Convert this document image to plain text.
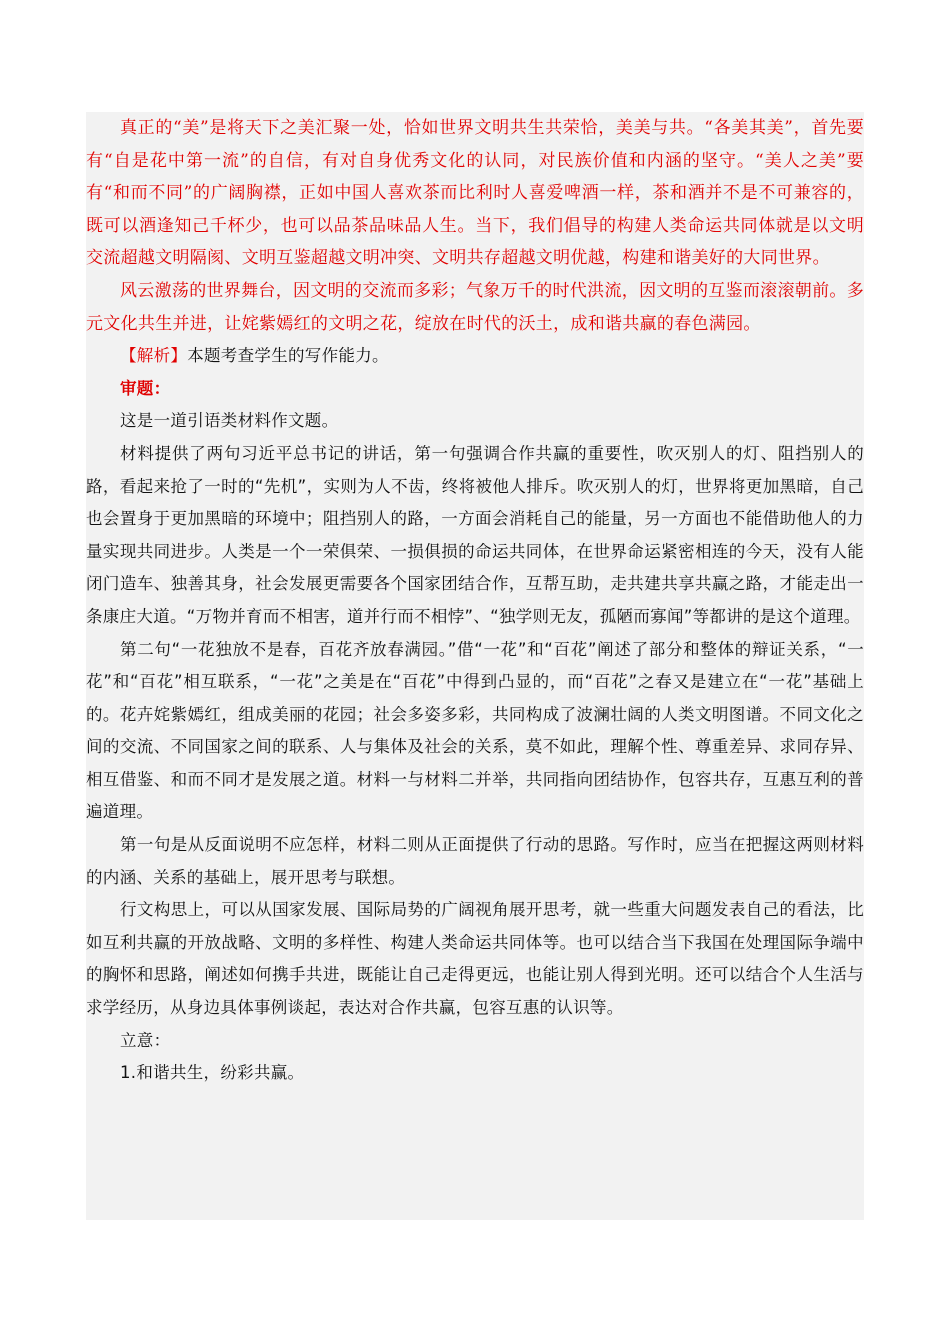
真正的“美”是将天下之美汇聚一处，恰如世界文明共生共荣恰，美美与共。“各美其美”，首先要有“自是花中第一流”的自信，有对自身优秀文化的认同，对民族价值和内涵的坚守。“美人之美”要有“和而不同”的广阔胸襟，正如中国人喜欢茶而比利时人喜爱啤酒一样，茶和酒并不是不可兼容的，既可以酒逢知己千杯少，也可以品茶品味品人生。当下，我们倡导的构建人类命运共同体就是以文明交流超越文明隔阂、文明互鉴超越文明冲突、文明共存超越文明优越，构建和谐美好的大同世界。

风云激荡的世界舞台，因文明的交流而多彩；气象万千的时代洪流，因文明的互鉴而滚滚朝前。多元文化共生并进，让姹紫嫣红的文明之花，绽放在时代的沃土，成和谐共赢的春色满园。

【解析】本题考查学生的写作能力。

审题：

这是一道引语类材料作文题。

材料提供了两句习近平总书记的讲话，第一句强调合作共赢的重要性，吹灭别人的灯、阻挡别人的路，看起来抢了一时的“先机”，实则为人不齿，终将被他人排斥。吹灭别人的灯，世界将更加黑暗，自己也会置身于更加黑暗的环境中；阻挡别人的路，一方面会消耗自己的能量，另一方面也不能借助他人的力量实现共同进步。人类是一个一荣俱荣、一损俱损的命运共同体，在世界命运紧密相连的今天，没有人能闭门造车、独善其身，社会发展更需要各个国家团结合作，互帮互助，走共建共享共赢之路，才能走出一条康庄大道。“万物并育而不相害，道并行而不相悖”、“独学则无友，孤陋而寡闻”等都讲的是这个道理。

第二句“一花独放不是春，百花齐放春满园。”借“一花”和“百花”阐述了部分和整体的辩证关系，“一花”和“百花”相互联系，“一花”之美是在“百花”中得到凸显的，而“百花”之春又是建立在“一花”基础上的。花卉姹紫嫣红，组成美丽的花园；社会多姿多彩，共同构成了波澜壮阔的人类文明图谱。不同文化之间的交流、不同国家之间的联系、人与集体及社会的关系，莫不如此，理解个性、尊重差异、求同存异、相互借鉴、和而不同才是发展之道。材料一与材料二并举，共同指向团结协作，包容共存，互惠互利的普遍道理。

第一句是从反面说明不应怎样，材料二则从正面提供了行动的思路。写作时，应当在把握这两则材料的内涵、关系的基础上，展开思考与联想。

行文构思上，可以从国家发展、国际局势的广阔视角展开思考，就一些重大问题发表自己的看法，比如互利共赢的开放战略、文明的多样性、构建人类命运共同体等。也可以结合当下我国在处理国际争端中的胸怀和思路，阐述如何携手共进，既能让自己走得更远，也能让别人得到光明。还可以结合个人生活与求学经历，从身边具体事例谈起，表达对合作共赢，包容互惠的认识等。

立意：

1.和谐共生，纷彩共赢。
